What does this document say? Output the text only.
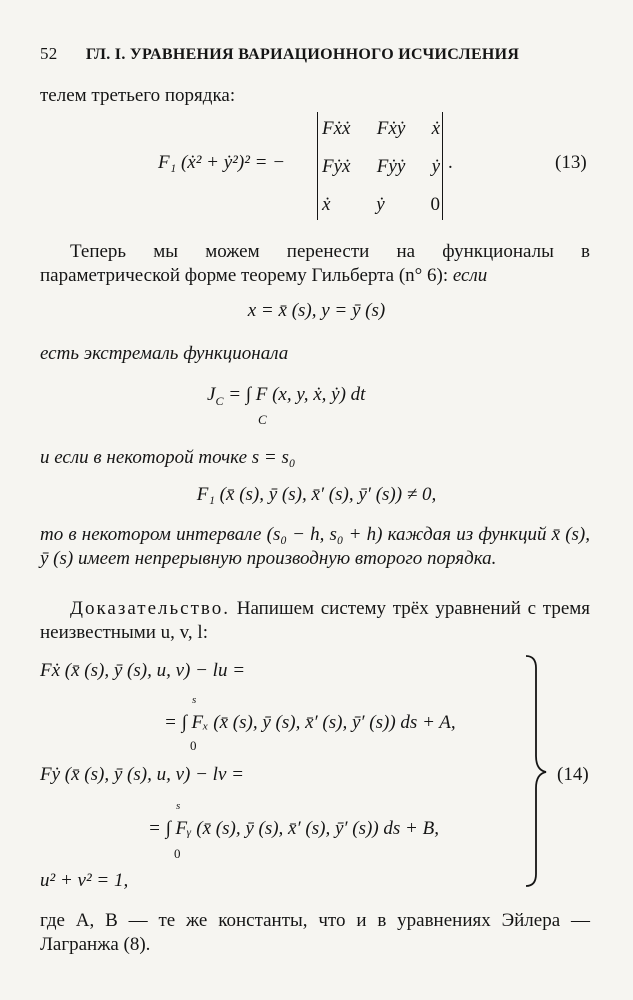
52 ГЛ. I. УРАВНЕНИЯ ВАРИАЦИОННОГО ИСЧИСЛЕНИЯ
телем третьего порядка:
F₁ (ẋ² + ẏ²)² = −
Fẋẋ Fẋẏ ẋ
Fẏẋ Fẏẏ ẏ
ẋ ẏ 0
.	(13)
Теперь мы можем перенести на функционалы в параметрической форме теорему Гильберта (n° 6): если
x = x̄ (s), y = ȳ (s)
есть экстремаль функционала
$J_C$ = ∫ F (x, y, ẋ, ẏ) dt
C
и если в некоторой точке s = s₀
F₁ (x̄ (s), ȳ (s), x̄′ (s), ȳ′ (s)) ≠ 0,
то в некотором интервале (s₀ − h, s₀ + h) каждая из функций x̄ (s), ȳ (s) имеет непрерывную производную второго порядка.
Доказательство. Напишем систему трёх уравнений с тремя неизвестными u, v, l:
Fẋ (x̄ (s), ȳ (s), u, v) − lu =
= ∫ Fₓ (x̄ (s), ȳ (s), x̄′ (s), ȳ′ (s)) ds + A,
s
0
Fẏ (x̄ (s), ȳ (s), u, v) − lv =
= ∫ Fᵧ (x̄ (s), ȳ (s), x̄′ (s), ȳ′ (s)) ds + B,
s
0
u² + v² = 1,
(14)
где A, B — те же константы, что и в уравнениях Эйлера — Лагранжа (8).
